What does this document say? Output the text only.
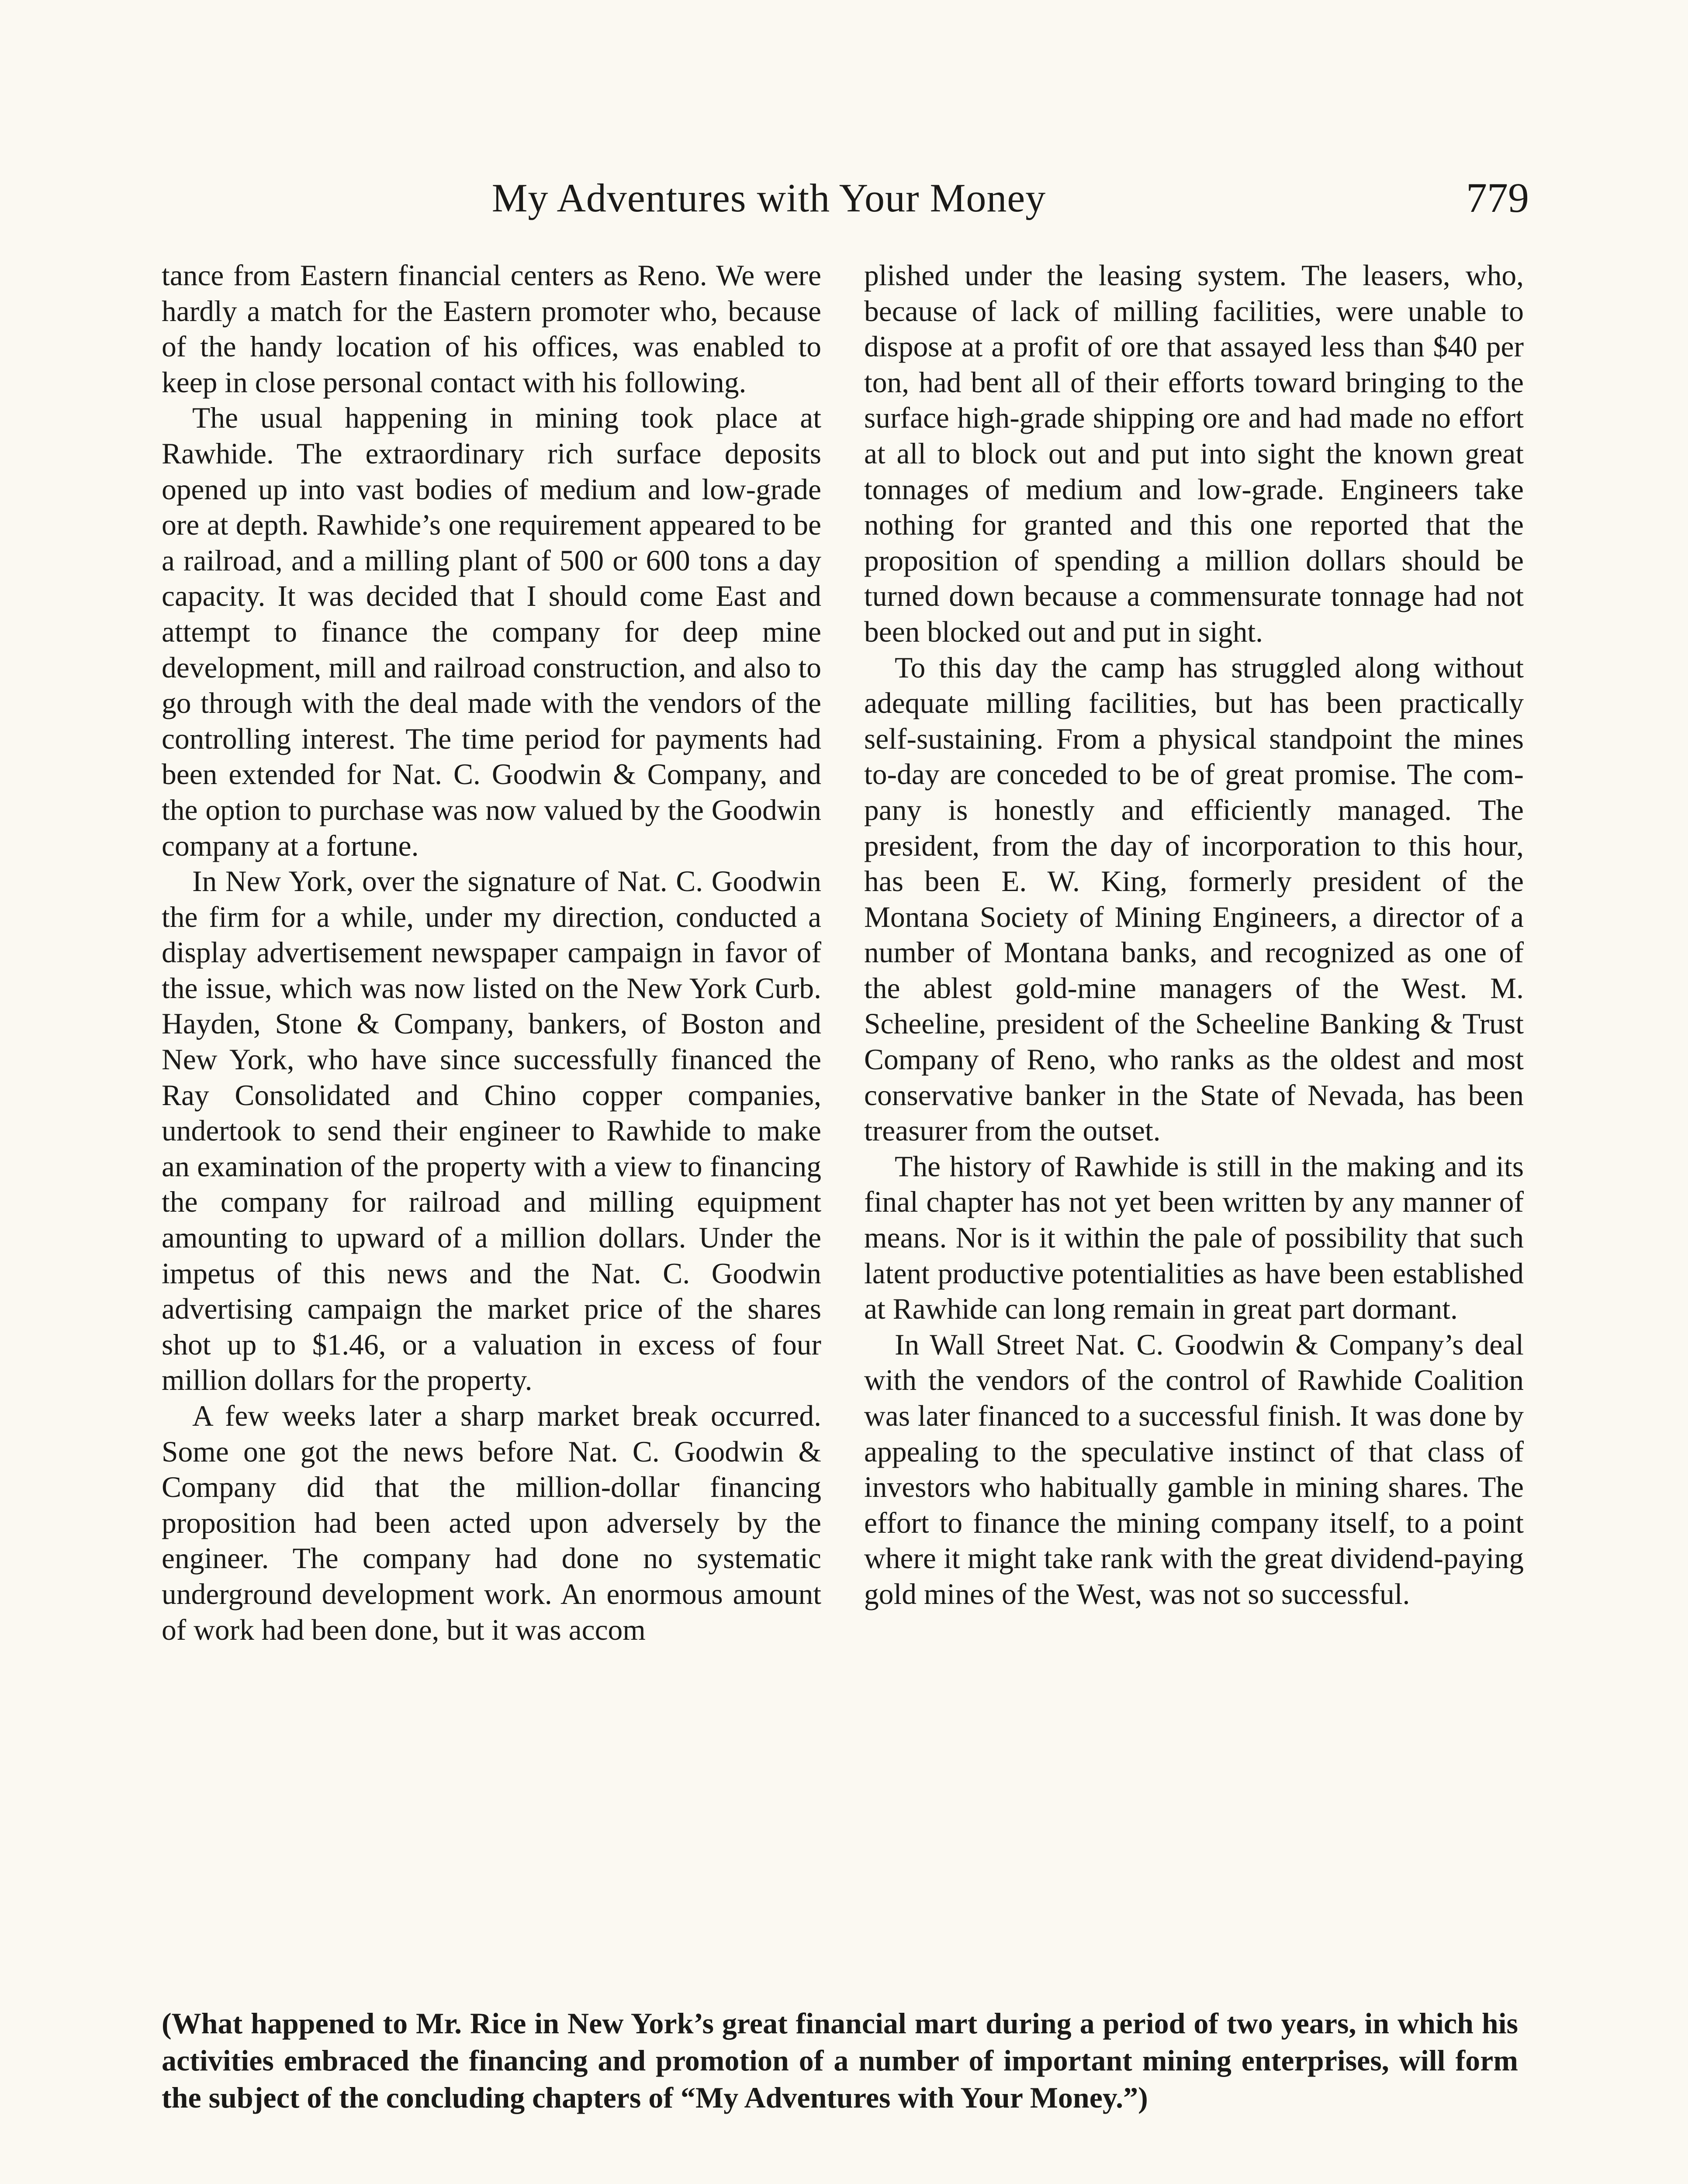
My Adventures with Your Money	779

tance from Eastern financial centers as Reno. We were hardly a match for the Eastern promoter who, because of the handy location of his offices, was enabled to keep in close personal contact with his following.

The usual happening in mining took place at Rawhide. The extraordinary rich surface deposits opened up into vast bodies of medium and low-grade ore at depth. Rawhide’s one requirement appeared to be a railroad, and a milling plant of 500 or 600 tons a day capacity. It was decided that I should come East and attempt to finance the company for deep mine development, mill and railroad construction, and also to go through with the deal made with the vendors of the controlling interest. The time period for payments had been extended for Nat. C. Goodwin & Company, and the option to purchase was now valued by the Goodwin company at a fortune.

In New York, over the signature of Nat. C. Goodwin the firm for a while, under my direction, conducted a display advertisement newspaper campaign in favor of the issue, which was now listed on the New York Curb. Hayden, Stone & Company, bankers, of Boston and New York, who have since successfully financed the Ray Consolidated and Chino copper companies, undertook to send their engineer to Rawhide to make an examination of the property with a view to financing the company for railroad and milling equipment amounting to upward of a million dollars. Under the impetus of this news and the Nat. C. Goodwin advertising campaign the market price of the shares shot up to $1.46, or a valuation in excess of four million dollars for the property.

A few weeks later a sharp market break occurred. Some one got the news before Nat. C. Goodwin & Company did that the million-dollar financing proposition had been acted upon adversely by the engineer. The company had done no systematic underground development work. An enormous amount of work had been done, but it was accom

plished under the leasing system. The leasers, who, because of lack of milling facilities, were unable to dispose at a profit of ore that assayed less than $40 per ton, had bent all of their efforts toward bringing to the surface high-grade shipping ore and had made no effort at all to block out and put into sight the known great tonnages of medium and low-grade. Engineers take nothing for granted and this one reported that the proposition of spending a million dollars should be turned down because a commensurate tonnage had not been blocked out and put in sight.

To this day the camp has struggled along without adequate milling facilities, but has been practically self-sustaining. From a physical standpoint the mines to-day are conceded to be of great promise. The company is honestly and efficiently managed. The president, from the day of incorporation to this hour, has been E. W. King, formerly president of the Montana Society of Mining Engineers, a director of a number of Montana banks, and recognized as one of the ablest gold-mine managers of the West. M. Scheeline, president of the Scheeline Banking & Trust Company of Reno, who ranks as the oldest and most conservative banker in the State of Nevada, has been treasurer from the outset.

The history of Rawhide is still in the making and its final chapter has not yet been written by any manner of means. Nor is it within the pale of possibility that such latent productive potentialities as have been established at Rawhide can long remain in great part dormant.

In Wall Street Nat. C. Goodwin & Company’s deal with the vendors of the control of Rawhide Coalition was later financed to a successful finish. It was done by appealing to the speculative instinct of that class of investors who habitually gamble in mining shares. The effort to finance the mining company itself, to a point where it might take rank with the great dividend-paying gold mines of the West, was not so successful.

(What happened to Mr. Rice in New York’s great financial mart during a period of two years, in which his activities embraced the financing and promotion of a number of important mining enterprises, will form the subject of the concluding chapters of “My Adventures with Your Money.”)
